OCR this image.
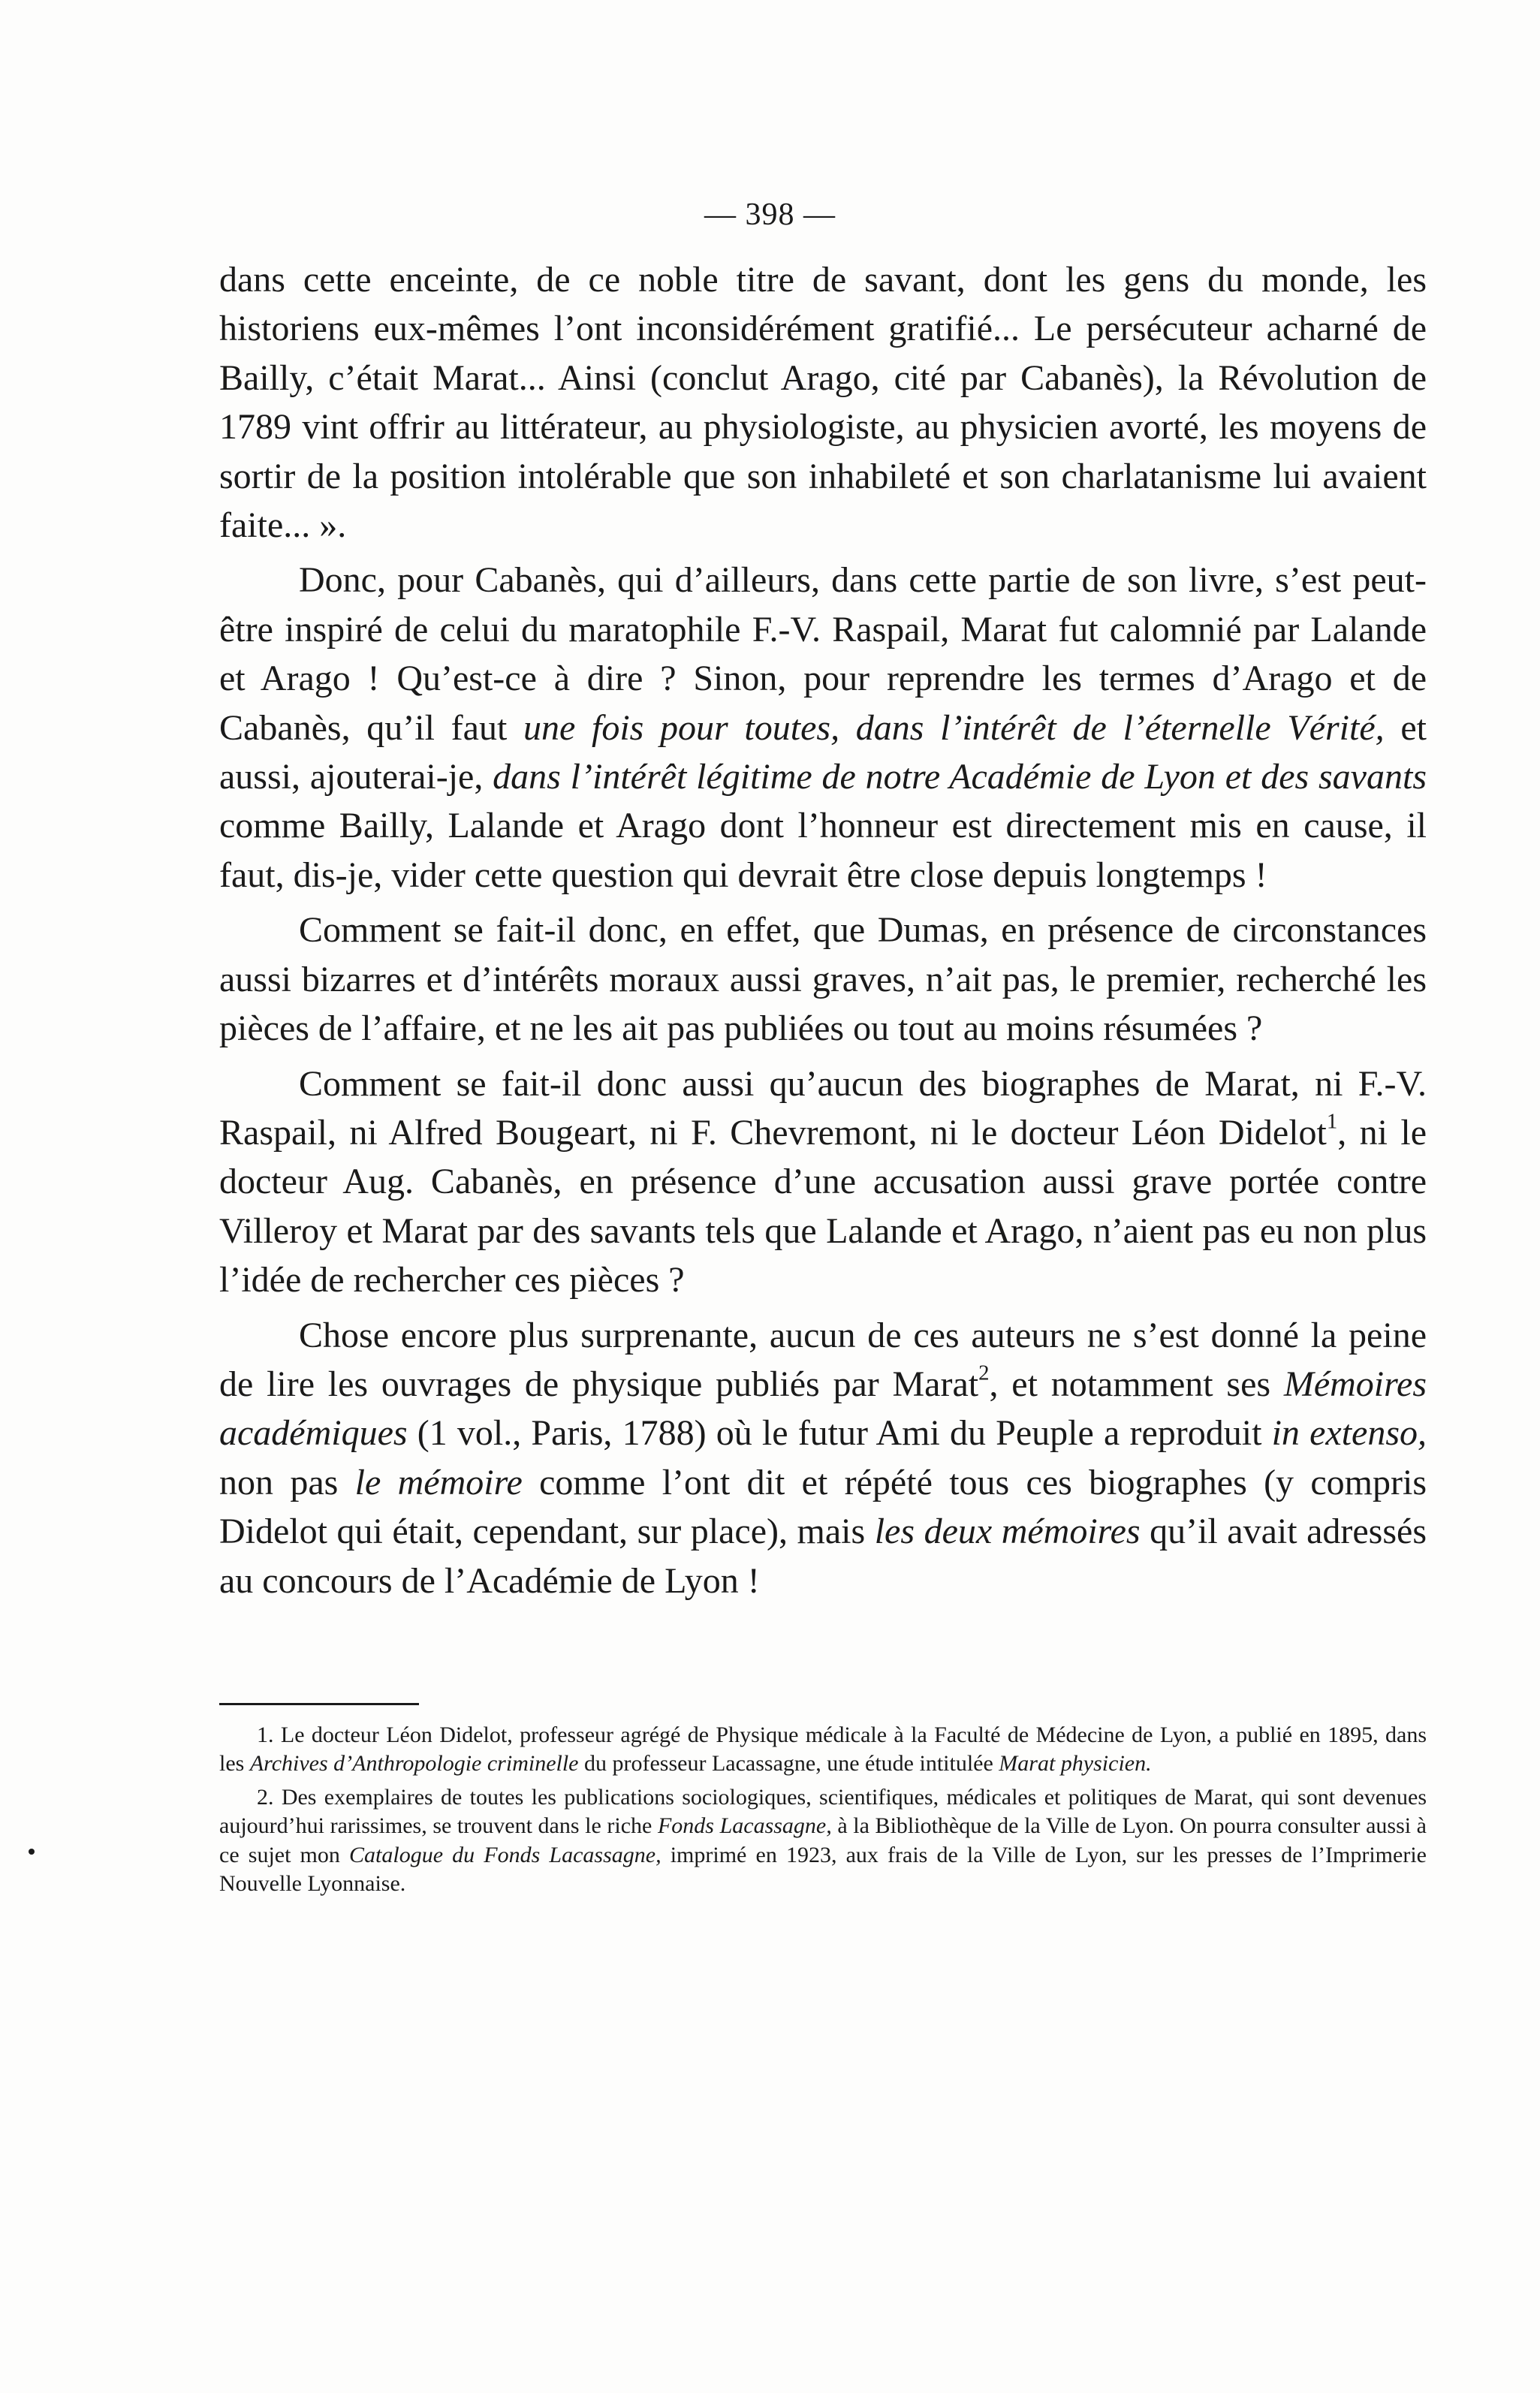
— 398 —

dans cette enceinte, de ce noble titre de savant, dont les gens du monde, les historiens eux-mêmes l’ont inconsidérément gratifié... Le persécuteur acharné de Bailly, c’était Marat... Ainsi (conclut Arago, cité par Cabanès), la Révolution de 1789 vint offrir au littérateur, au physiologiste, au physicien avorté, les moyens de sortir de la position intolérable que son inhabileté et son charlatanisme lui avaient faite... ».

Donc, pour Cabanès, qui d’ailleurs, dans cette partie de son livre, s’est peut-être inspiré de celui du maratophile F.-V. Raspail, Marat fut calomnié par Lalande et Arago ! Qu’est-ce à dire ? Sinon, pour reprendre les termes d’Arago et de Cabanès, qu’il faut une fois pour toutes, dans l’intérêt de l’éternelle Vérité, et aussi, ajouterai-je, dans l’intérêt légitime de notre Académie de Lyon et des savants comme Bailly, Lalande et Arago dont l’honneur est directement mis en cause, il faut, dis-je, vider cette question qui devrait être close depuis longtemps !

Comment se fait-il donc, en effet, que Dumas, en présence de circonstances aussi bizarres et d’intérêts moraux aussi graves, n’ait pas, le premier, recherché les pièces de l’affaire, et ne les ait pas publiées ou tout au moins résumées ?

Comment se fait-il donc aussi qu’aucun des biographes de Marat, ni F.-V. Raspail, ni Alfred Bougeart, ni F. Chevremont, ni le docteur Léon Didelot$^1$, ni le docteur Aug. Cabanès, en présence d’une accusation aussi grave portée contre Villeroy et Marat par des savants tels que Lalande et Arago, n’aient pas eu non plus l’idée de rechercher ces pièces ?

Chose encore plus surprenante, aucun de ces auteurs ne s’est donné la peine de lire les ouvrages de physique publiés par Marat$^2$, et notamment ses Mémoires académiques (1 vol., Paris, 1788) où le futur Ami du Peuple a reproduit in extenso, non pas le mémoire comme l’ont dit et répété tous ces biographes (y compris Didelot qui était, cependant, sur place), mais les deux mémoires qu’il avait adressés au concours de l’Académie de Lyon !

1. Le docteur Léon Didelot, professeur agrégé de Physique médicale à la Faculté de Médecine de Lyon, a publié en 1895, dans les Archives d’Anthropologie criminelle du professeur Lacassagne, une étude intitulée Marat physicien.

2. Des exemplaires de toutes les publications sociologiques, scientifiques, médicales et politiques de Marat, qui sont devenues aujourd’hui rarissimes, se trouvent dans le riche Fonds Lacassagne, à la Bibliothèque de la Ville de Lyon. On pourra consulter aussi à ce sujet mon Catalogue du Fonds Lacassagne, imprimé en 1923, aux frais de la Ville de Lyon, sur les presses de l’Imprimerie Nouvelle Lyonnaise.
